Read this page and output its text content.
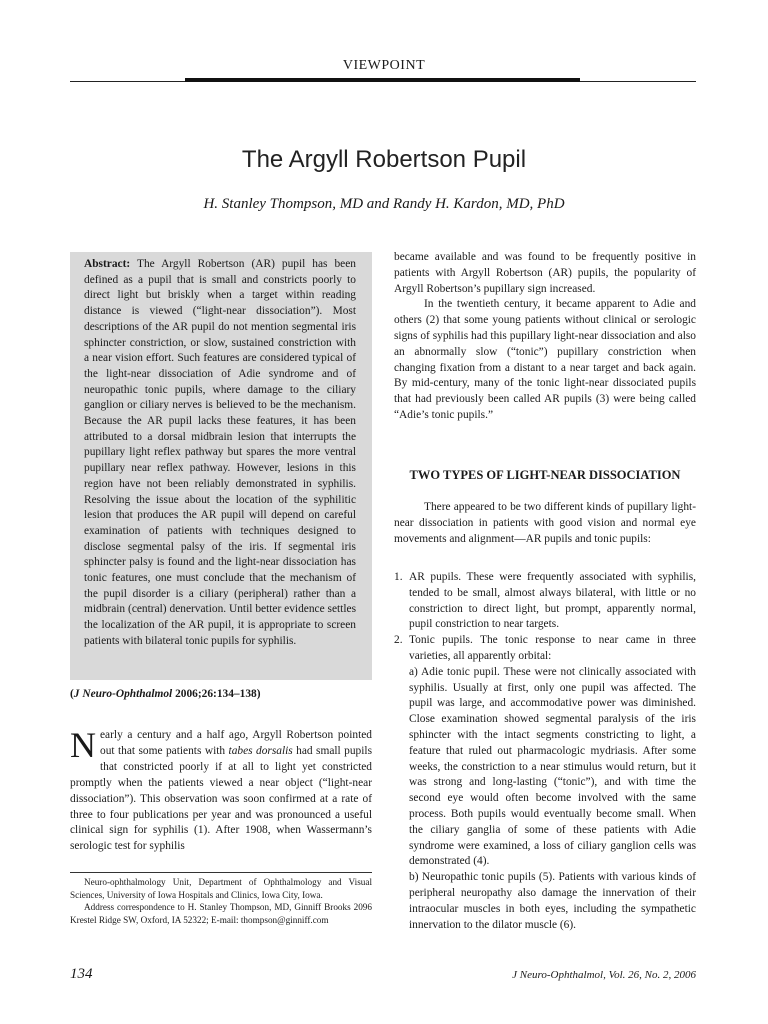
VIEWPOINT
The Argyll Robertson Pupil
H. Stanley Thompson, MD and Randy H. Kardon, MD, PhD
Abstract: The Argyll Robertson (AR) pupil has been defined as a pupil that is small and constricts poorly to direct light but briskly when a target within reading distance is viewed (“light-near dissociation”). Most descriptions of the AR pupil do not mention segmental iris sphincter constriction, or slow, sustained constriction with a near vision effort. Such features are considered typical of the light-near dissociation of Adie syndrome and of neuropathic tonic pupils, where damage to the ciliary ganglion or ciliary nerves is believed to be the mechanism. Because the AR pupil lacks these features, it has been attributed to a dorsal midbrain lesion that interrupts the pupillary light reflex pathway but spares the more ventral pupillary near reflex pathway. However, lesions in this region have not been reliably demonstrated in syphilis. Resolving the issue about the location of the syphilitic lesion that produces the AR pupil will depend on careful examination of patients with techniques designed to disclose segmental palsy of the iris. If segmental iris sphincter palsy is found and the light-near dissociation has tonic features, one must conclude that the mechanism of the pupil disorder is a ciliary (peripheral) rather than a midbrain (central) denervation. Until better evidence settles the localization of the AR pupil, it is appropriate to screen patients with bilateral tonic pupils for syphilis.
(J Neuro-Ophthalmol 2006;26:134–138)
Nearly a century and a half ago, Argyll Robertson pointed out that some patients with tabes dorsalis had small pupils that constricted poorly if at all to light yet constricted promptly when the patients viewed a near object (“light-near dissociation”). This observation was soon confirmed at a rate of three to four publications per year and was pronounced a useful clinical sign for syphilis (1). After 1908, when Wassermann’s serologic test for syphilis

Neuro-ophthalmology Unit, Department of Ophthalmology and Visual Sciences, University of Iowa Hospitals and Clinics, Iowa City, Iowa.

Address correspondence to H. Stanley Thompson, MD, Ginniff Brooks 2096 Krestel Ridge SW, Oxford, IA 52322; E-mail: thompson@ginniff.com

became available and was found to be frequently positive in patients with Argyll Robertson (AR) pupils, the popularity of Argyll Robertson’s pupillary sign increased.

In the twentieth century, it became apparent to Adie and others (2) that some young patients without clinical or serologic signs of syphilis had this pupillary light-near dissociation and also an abnormally slow (“tonic”) pupillary constriction when changing fixation from a distant to a near target and back again. By mid-century, many of the tonic light-near dissociated pupils that had previously been called AR pupils (3) were being called “Adie’s tonic pupils.”

TWO TYPES OF LIGHT-NEAR DISSOCIATION
There appeared to be two different kinds of pupillary light-near dissociation in patients with good vision and normal eye movements and alignment—AR pupils and tonic pupils:
1. AR pupils. These were frequently associated with syphilis, tended to be small, almost always bilateral, with little or no constriction to direct light, but prompt, apparently normal, pupil constriction to near targets.
2. Tonic pupils. The tonic response to near came in three varieties, all apparently orbital:
a) Adie tonic pupil. These were not clinically associated with syphilis. Usually at first, only one pupil was affected. The pupil was large, and accommodative power was diminished. Close examination showed segmental paralysis of the iris sphincter with the intact segments constricting to light, a feature that ruled out pharmacologic mydriasis. After some weeks, the constriction to a near stimulus would return, but it was strong and long-lasting (“tonic”), and with time the second eye would often become involved with the same process. Both pupils would eventually become small. When the ciliary ganglia of some of these patients with Adie syndrome were examined, a loss of ciliary ganglion cells was demonstrated (4).
b) Neuropathic tonic pupils (5). Patients with various kinds of peripheral neuropathy also damage the innervation of their intraocular muscles in both eyes, including the sympathetic innervation to the dilator muscle (6).
134	J Neuro-Ophthalmol, Vol. 26, No. 2, 2006
